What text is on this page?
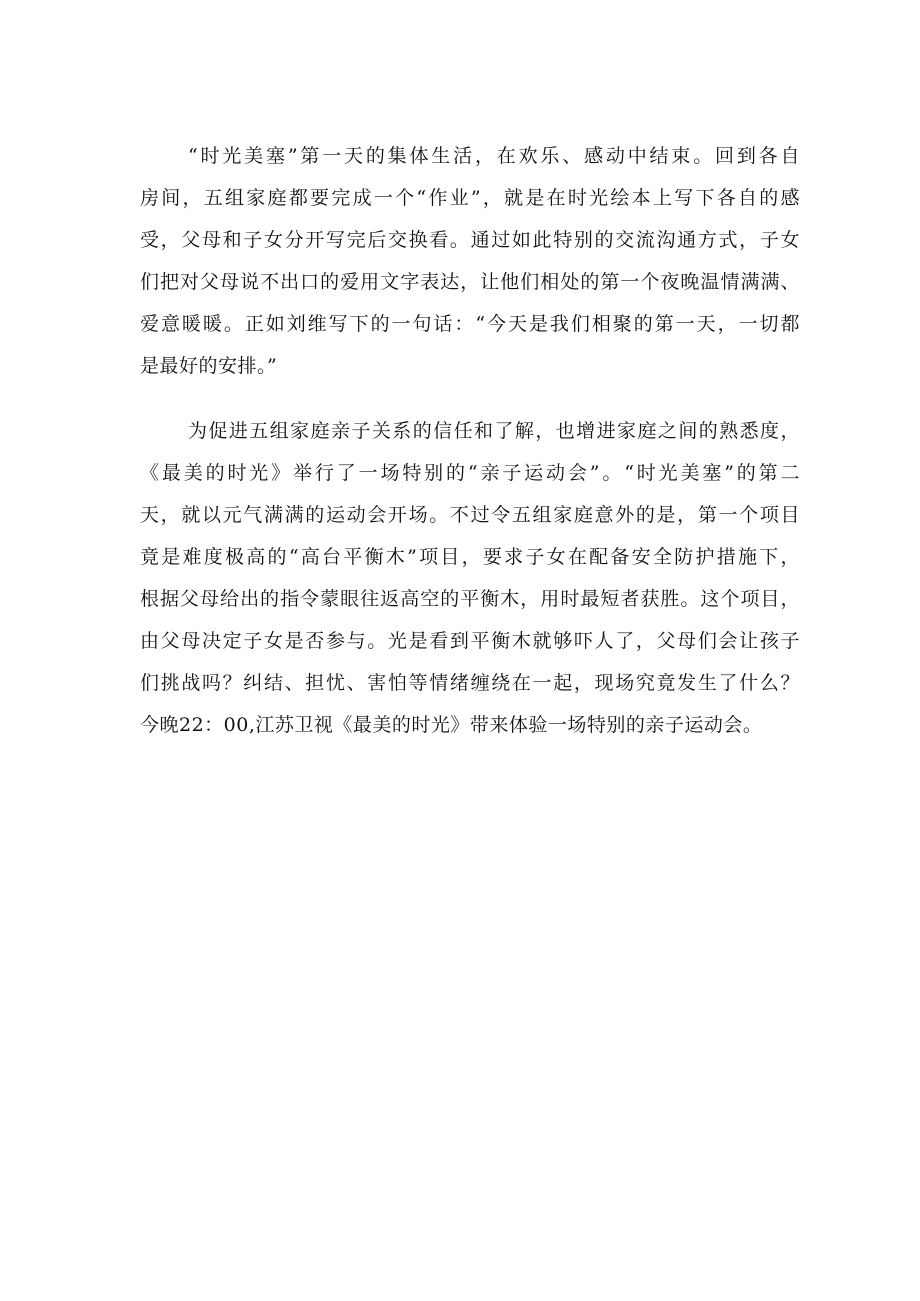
“时光美塞”第一天的集体生活，在欢乐、感动中结束。回到各自
房间，五组家庭都要完成一个“作业”，就是在时光绘本上写下各自的感
受，父母和子女分开写完后交换看。通过如此特别的交流沟通方式，子女
们把对父母说不出口的爱用文字表达，让他们相处的第一个夜晚温情满满、
爱意暖暖。正如刘维写下的一句话：“今天是我们相聚的第一天，一切都
是最好的安排。”
为促进五组家庭亲子关系的信任和了解，也增进家庭之间的熟悉度，
《最美的时光》举行了一场特别的“亲子运动会”。“时光美塞”的第二
天，就以元气满满的运动会开场。不过令五组家庭意外的是，第一个项目
竟是难度极高的“高台平衡木”项目，要求子女在配备安全防护措施下，
根据父母给出的指令蒙眼往返高空的平衡木，用时最短者获胜。这个项目，
由父母决定子女是否参与。光是看到平衡木就够吓人了，父母们会让孩子
们挑战吗？纠结、担忧、害怕等情绪缠绕在一起，现场究竟发生了什么？
今晚22：00,江苏卫视《最美的时光》带来体验一场特别的亲子运动会。
